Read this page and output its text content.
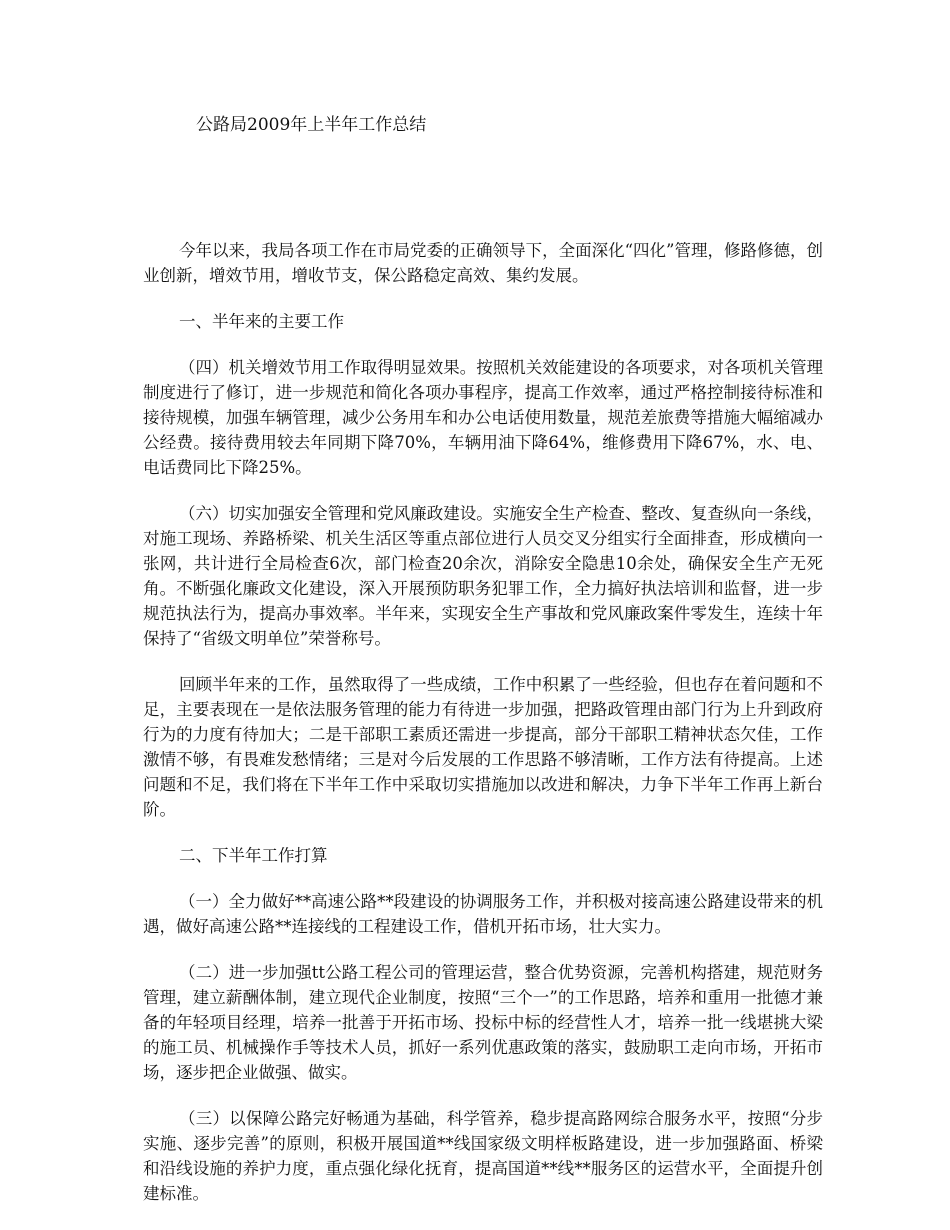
公路局2009年上半年工作总结

今年以来，我局各项工作在市局党委的正确领导下，全面深化“四化”管理，修路修德，创业创新，增效节用，增收节支，保公路稳定高效、集约发展。

一、半年来的主要工作

（四）机关增效节用工作取得明显效果。按照机关效能建设的各项要求，对各项机关管理制度进行了修订，进一步规范和简化各项办事程序，提高工作效率，通过严格控制接待标准和接待规模，加强车辆管理，减少公务用车和办公电话使用数量，规范差旅费等措施大幅缩减办公经费。接待费用较去年同期下降70%，车辆用油下降64%，维修费用下降67%，水、电、电话费同比下降25%。

（六）切实加强安全管理和党风廉政建设。实施安全生产检查、整改、复查纵向一条线，对施工现场、养路桥梁、机关生活区等重点部位进行人员交叉分组实行全面排查，形成横向一张网，共计进行全局检查6次，部门检查20余次，消除安全隐患10余处，确保安全生产无死角。不断强化廉政文化建设，深入开展预防职务犯罪工作，全力搞好执法培训和监督，进一步规范执法行为，提高办事效率。半年来，实现安全生产事故和党风廉政案件零发生，连续十年保持了“省级文明单位”荣誉称号。

回顾半年来的工作，虽然取得了一些成绩，工作中积累了一些经验，但也存在着问题和不足，主要表现在一是依法服务管理的能力有待进一步加强，把路政管理由部门行为上升到政府行为的力度有待加大；二是干部职工素质还需进一步提高，部分干部职工精神状态欠佳，工作激情不够，有畏难发愁情绪；三是对今后发展的工作思路不够清晰，工作方法有待提高。上述问题和不足，我们将在下半年工作中采取切实措施加以改进和解决，力争下半年工作再上新台阶。

二、下半年工作打算

（一）全力做好**高速公路**段建设的协调服务工作，并积极对接高速公路建设带来的机遇，做好高速公路**连接线的工程建设工作，借机开拓市场，壮大实力。

（二）进一步加强tt公路工程公司的管理运营，整合优势资源，完善机构搭建，规范财务管理，建立薪酬体制，建立现代企业制度，按照“三个一”的工作思路，培养和重用一批德才兼备的年轻项目经理，培养一批善于开拓市场、投标中标的经营性人才，培养一批一线堪挑大梁的施工员、机械操作手等技术人员，抓好一系列优惠政策的落实，鼓励职工走向市场，开拓市场，逐步把企业做强、做实。

（三）以保障公路完好畅通为基础，科学管养，稳步提高路网综合服务水平，按照“分步实施、逐步完善”的原则，积极开展国道**线国家级文明样板路建设，进一步加强路面、桥梁和沿线设施的养护力度，重点强化绿化抚育，提高国道**线**服务区的运营水平，全面提升创建标准。
